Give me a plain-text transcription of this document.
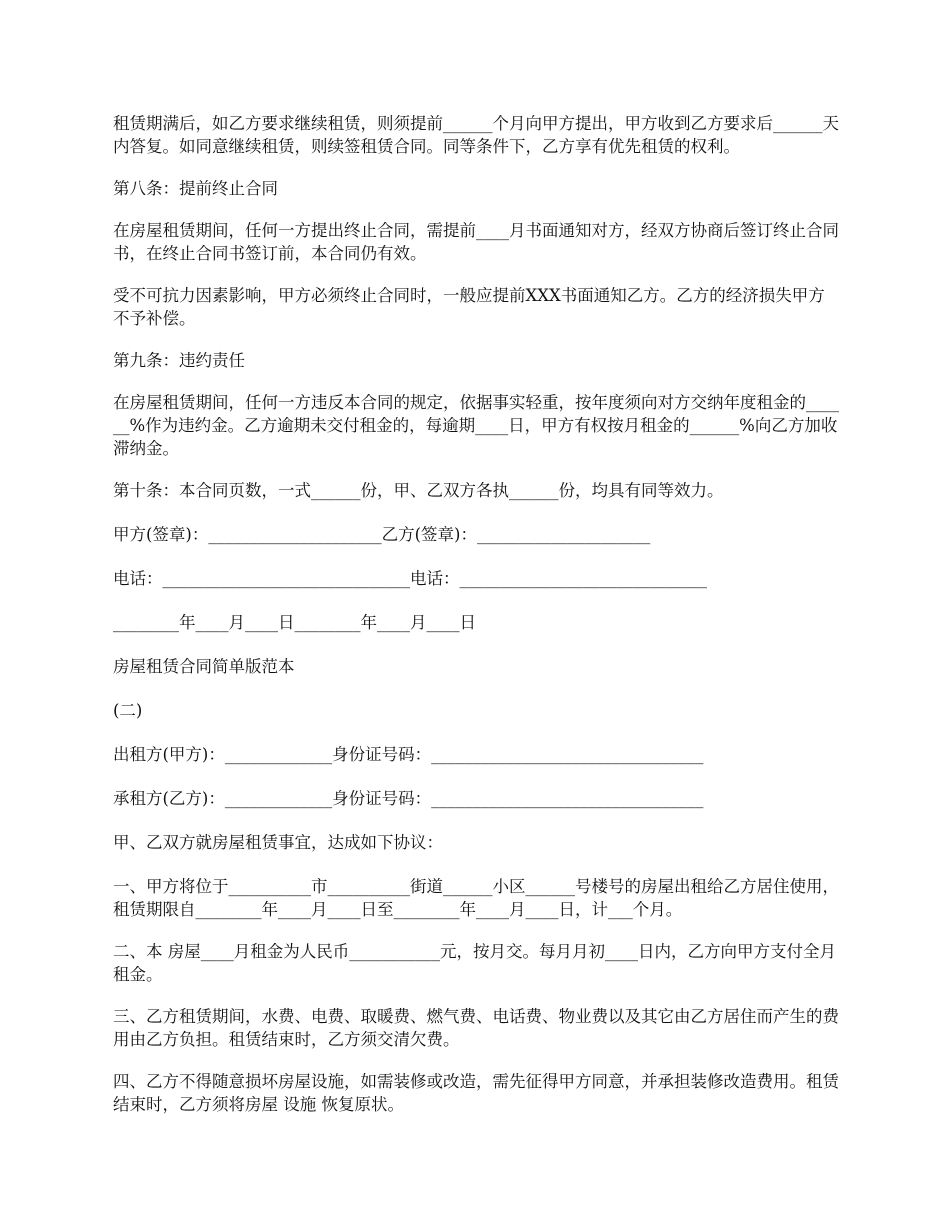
租赁期满后，如乙方要求继续租赁，则须提前______个月向甲方提出，甲方收到乙方要求后______天内答复。如同意继续租赁，则续签租赁合同。同等条件下，乙方享有优先租赁的权利。

第八条：提前终止合同

在房屋租赁期间，任何一方提出终止合同，需提前____月书面通知对方，经双方协商后签订终止合同书，在终止合同书签订前，本合同仍有效。

受不可抗力因素影响，甲方必须终止合同时，一般应提前XXX书面通知乙方。乙方的经济损失甲方不予补偿。

第九条：违约责任

在房屋租赁期间，任何一方违反本合同的规定，依据事实轻重，按年度须向对方交纳年度租金的______%作为违约金。乙方逾期未交付租金的，每逾期____日，甲方有权按月租金的______%向乙方加收滞纳金。

第十条：本合同页数，一式______份，甲、乙双方各执______份，均具有同等效力。

甲方(签章)：_____________________乙方(签章)：_____________________

电话：______________________________电话：______________________________

________年____月____日________年____月____日

房屋租赁合同简单版范本

(二)

出租方(甲方)：_____________身份证号码：_________________________________

承租方(乙方)：_____________身份证号码：_________________________________

甲、乙双方就房屋租赁事宜，达成如下协议：

一、甲方将位于__________市__________街道______小区______号楼号的房屋出租给乙方居住使用，租赁期限自________年____月____日至________年____月____日，计___个月。

二、本 房屋____月租金为人民币___________元，按月交。每月月初____日内，乙方向甲方支付全月租金。

三、乙方租赁期间，水费、电费、取暖费、燃气费、电话费、物业费以及其它由乙方居住而产生的费用由乙方负担。租赁结束时，乙方须交清欠费。

四、乙方不得随意损坏房屋设施，如需装修或改造，需先征得甲方同意，并承担装修改造费用。租赁结束时，乙方须将房屋 设施 恢复原状。
